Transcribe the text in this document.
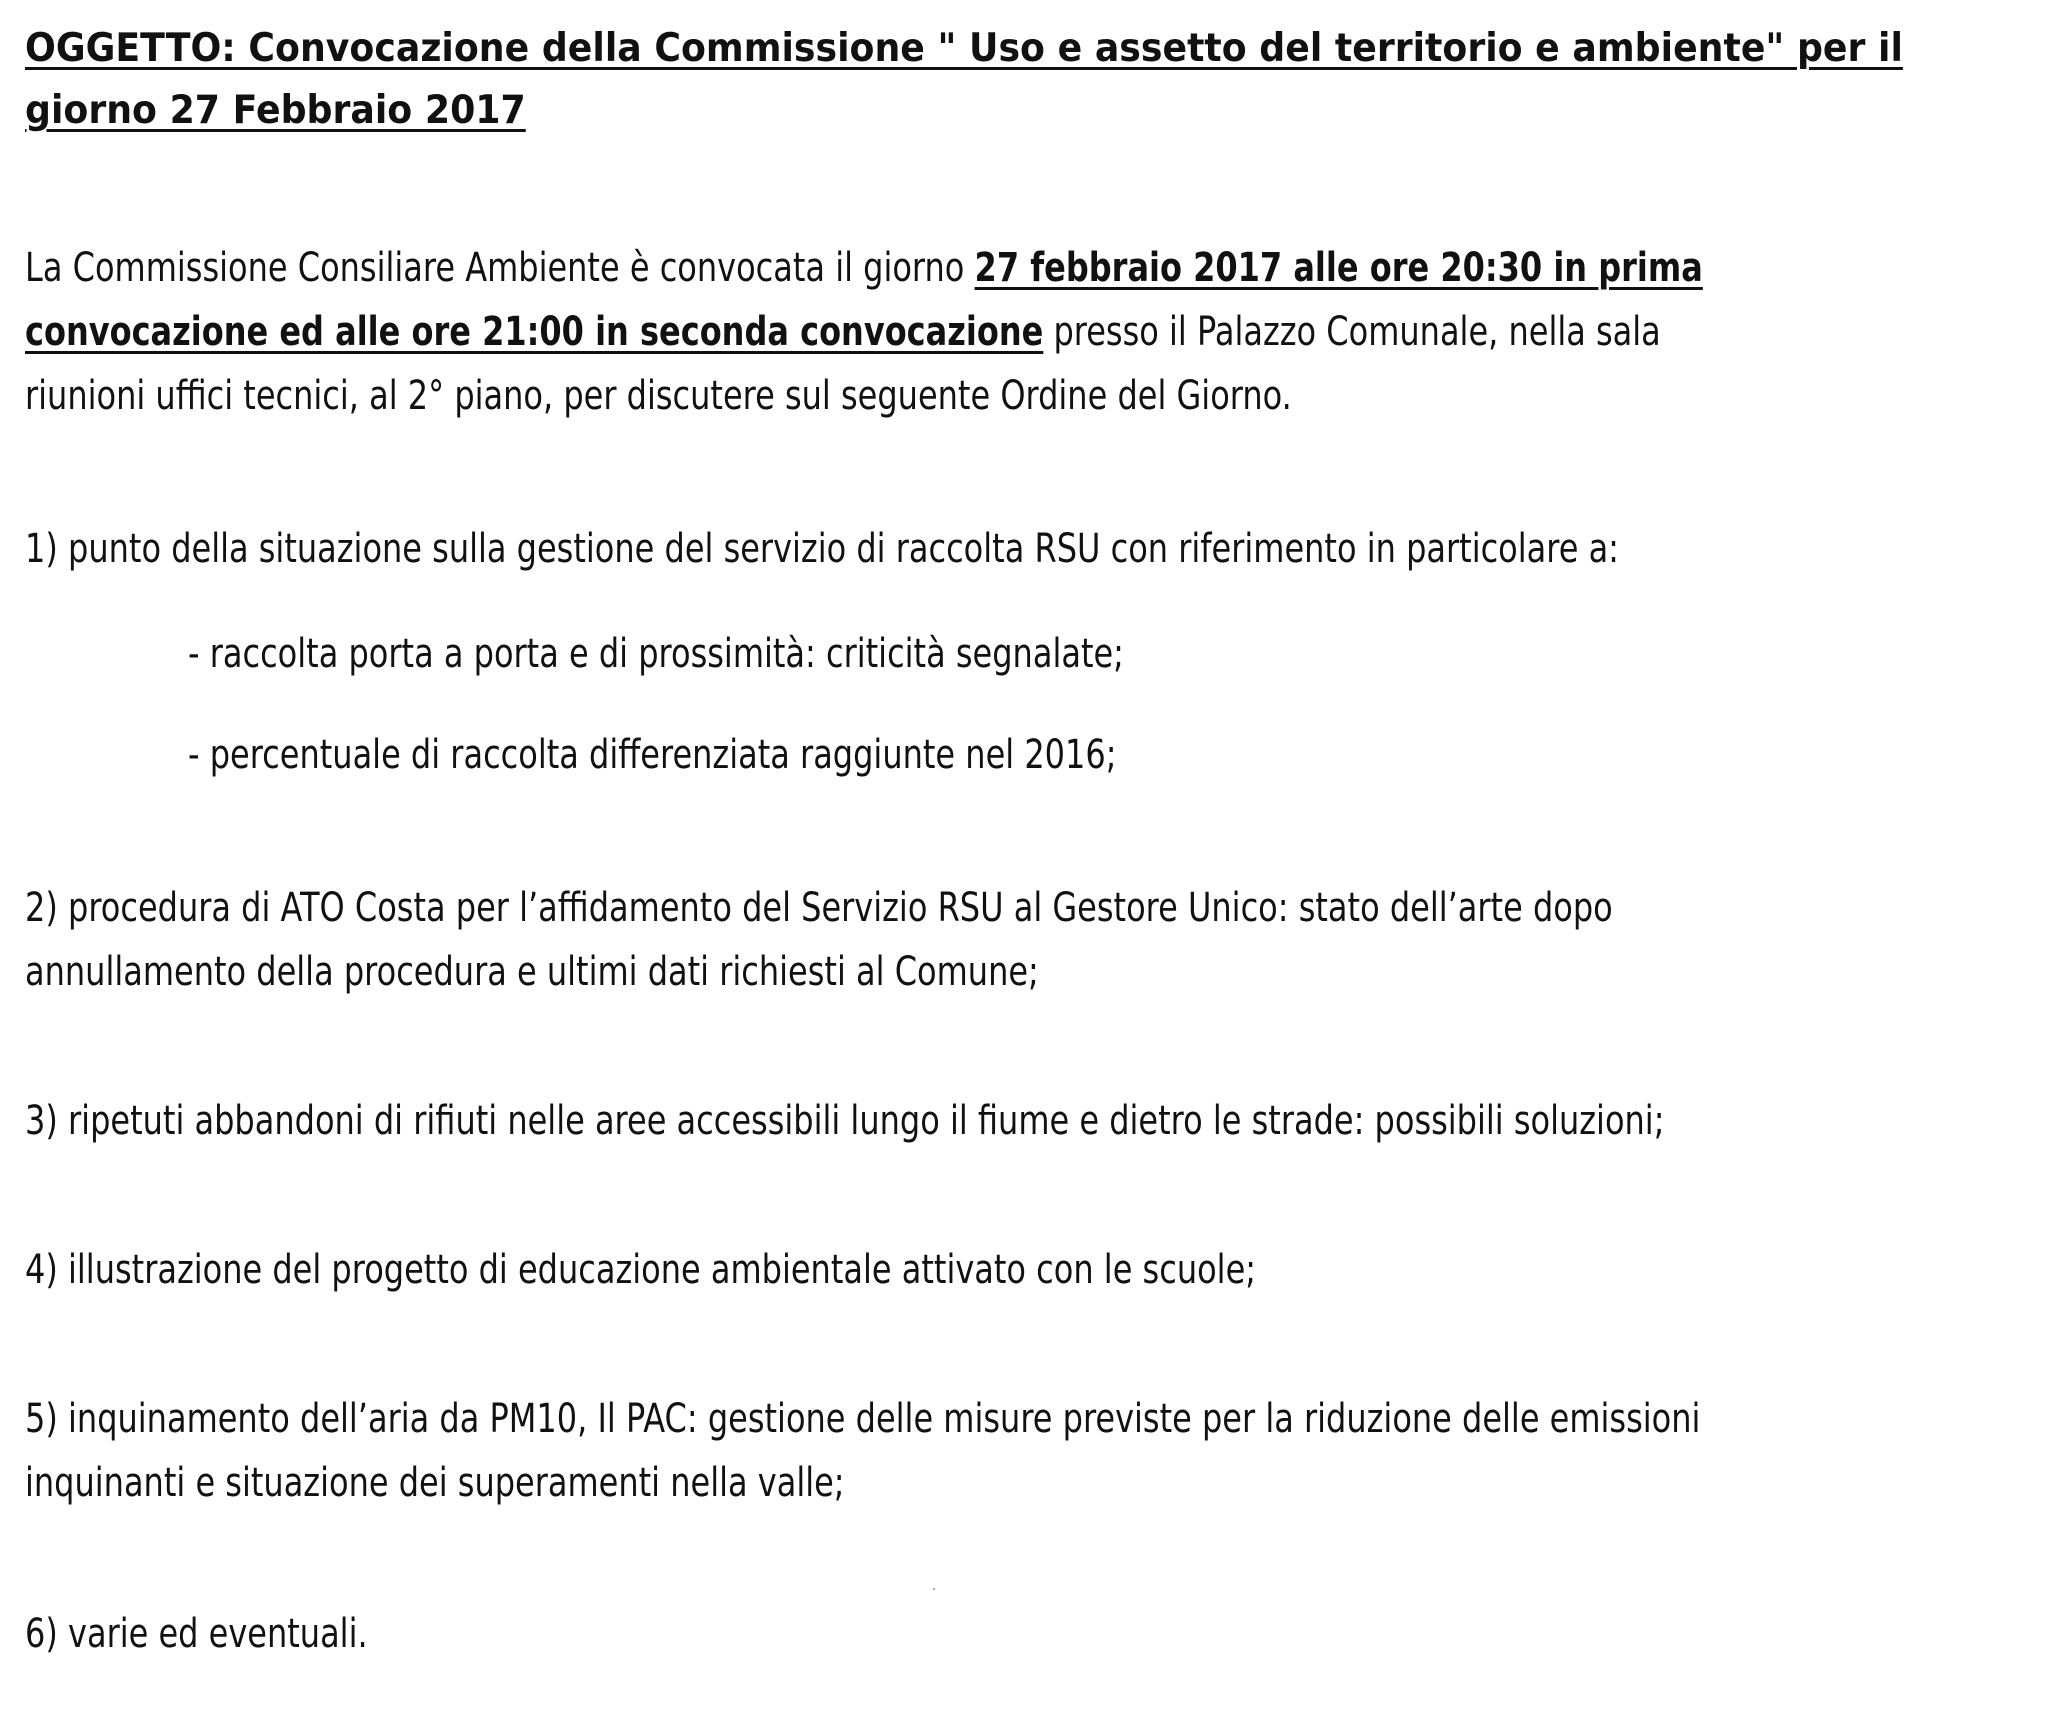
OGGETTO: Convocazione della Commissione " Uso e assetto del territorio e ambiente" per il giorno 27 Febbraio 2017
La Commissione Consiliare Ambiente è convocata il giorno 27 febbraio 2017 alle ore 20:30 in prima
convocazione ed alle ore 21:00 in seconda convocazione presso il Palazzo Comunale, nella sala
riunioni uffici tecnici, al 2° piano, per discutere sul seguente Ordine del Giorno.
1) punto della situazione sulla gestione del servizio di raccolta RSU con riferimento in particolare a:
- raccolta porta a porta e di prossimità: criticità segnalate;
- percentuale di raccolta differenziata raggiunte nel 2016;
2) procedura di ATO Costa per l’affidamento del Servizio RSU al Gestore Unico: stato dell’arte dopo
annullamento della procedura e ultimi dati richiesti al Comune;
3) ripetuti abbandoni di rifiuti nelle aree accessibili lungo il fiume e dietro le strade: possibili soluzioni;
4) illustrazione del progetto di educazione ambientale attivato con le scuole;
5) inquinamento dell’aria da PM10, Il PAC: gestione delle misure previste per la riduzione delle emissioni
inquinanti e situazione dei superamenti nella valle;
6) varie ed eventuali.
